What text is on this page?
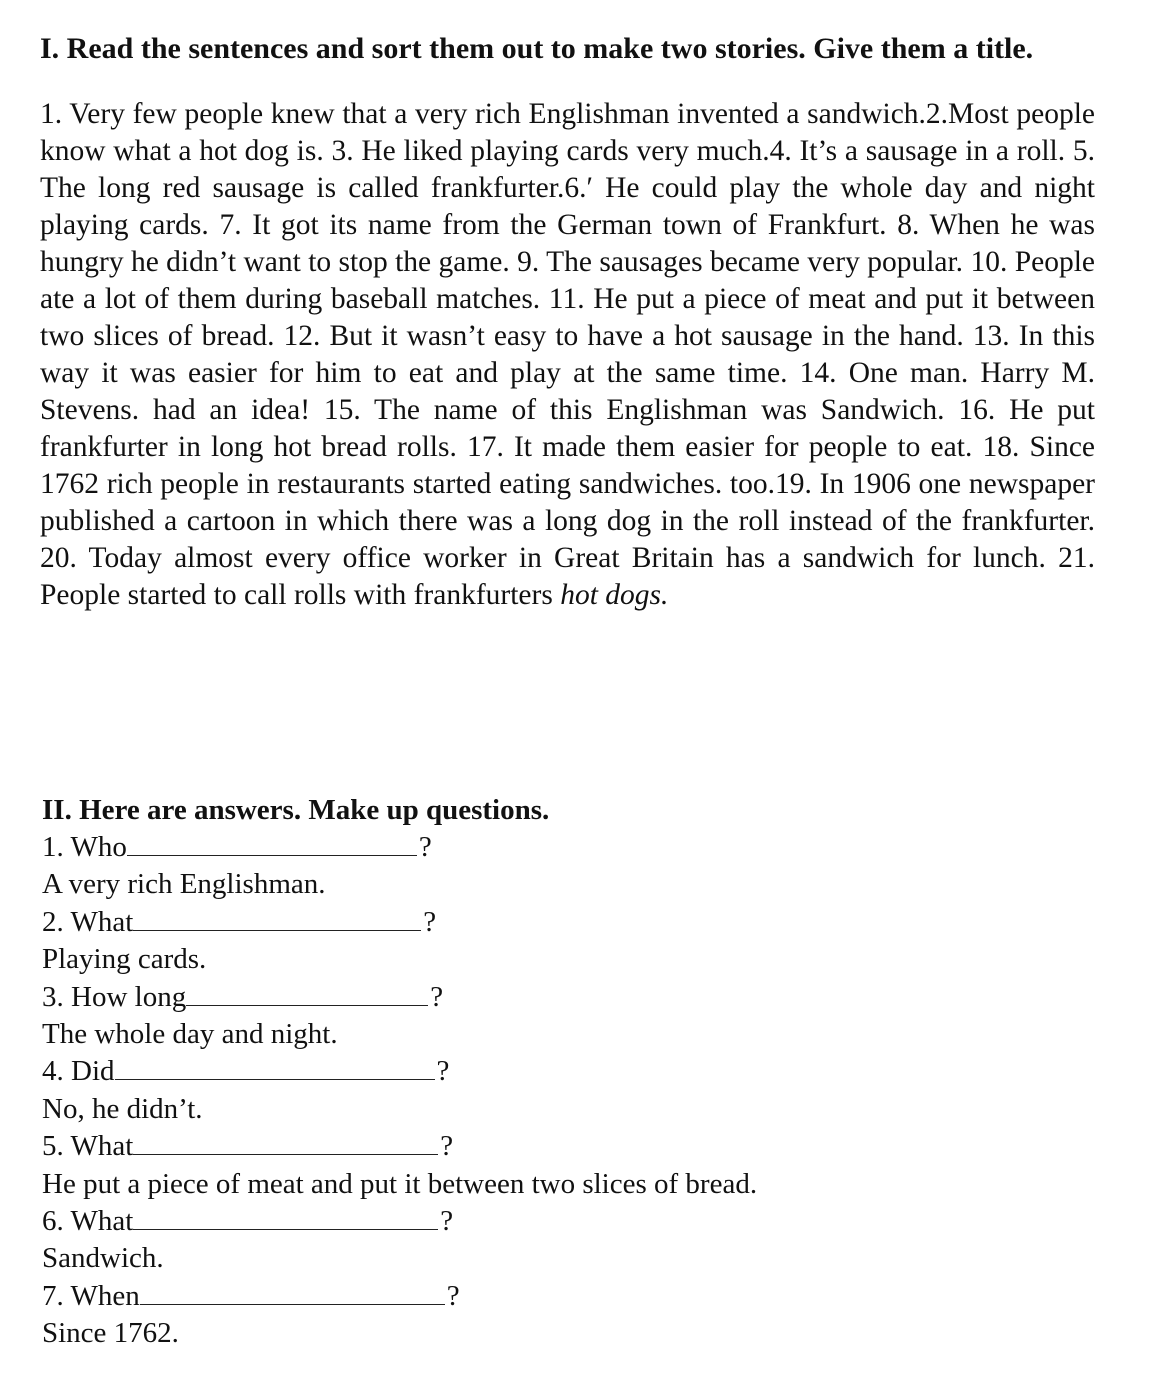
I. Read the sentences and sort them out to make two stories. Give them a title.

1. Very few people knew that a very rich Englishman invented a sandwich.2.Most people know what a hot dog is. 3. He liked playing cards very much.4. It’s a sausage in a roll. 5. The long red sausage is called frankfurter.6.′ He could play the whole day and night playing cards. 7. It got its name from the German town of Frankfurt. 8. When he was hungry he didn’t want to stop the game. 9. The sausages became very popular. 10. People ate a lot of them during baseball matches. 11. He put a piece of meat and put it between two slices of bread. 12. But it wasn’t easy to have a hot sausage in the hand. 13. In this way it was easier for him to eat and play at the same time. 14. One man. Harry M. Stevens. had an idea! 15. The name of this Englishman was Sandwich. 16. He put frankfurter in long hot bread rolls. 17. It made them easier for people to eat. 18. Since 1762 rich people in restaurants started eating sandwiches. too.19. In 1906 one newspaper published a cartoon in which there was a long dog in the roll instead of the frankfurter. 20. Today almost every office worker in Great Britain has a sandwich for lunch. 21. People started to call rolls with frankfurters hot dogs.

II. Here are answers. Make up questions.

1. Who	?
A very rich Englishman.
2. What	?
Playing cards.
3. How long	?
The whole day and night.
4. Did	?
No, he didn’t.
5. What	?
He put a piece of meat and put it between two slices of bread.
6. What	?
Sandwich.
7. When	?
Since 1762.
